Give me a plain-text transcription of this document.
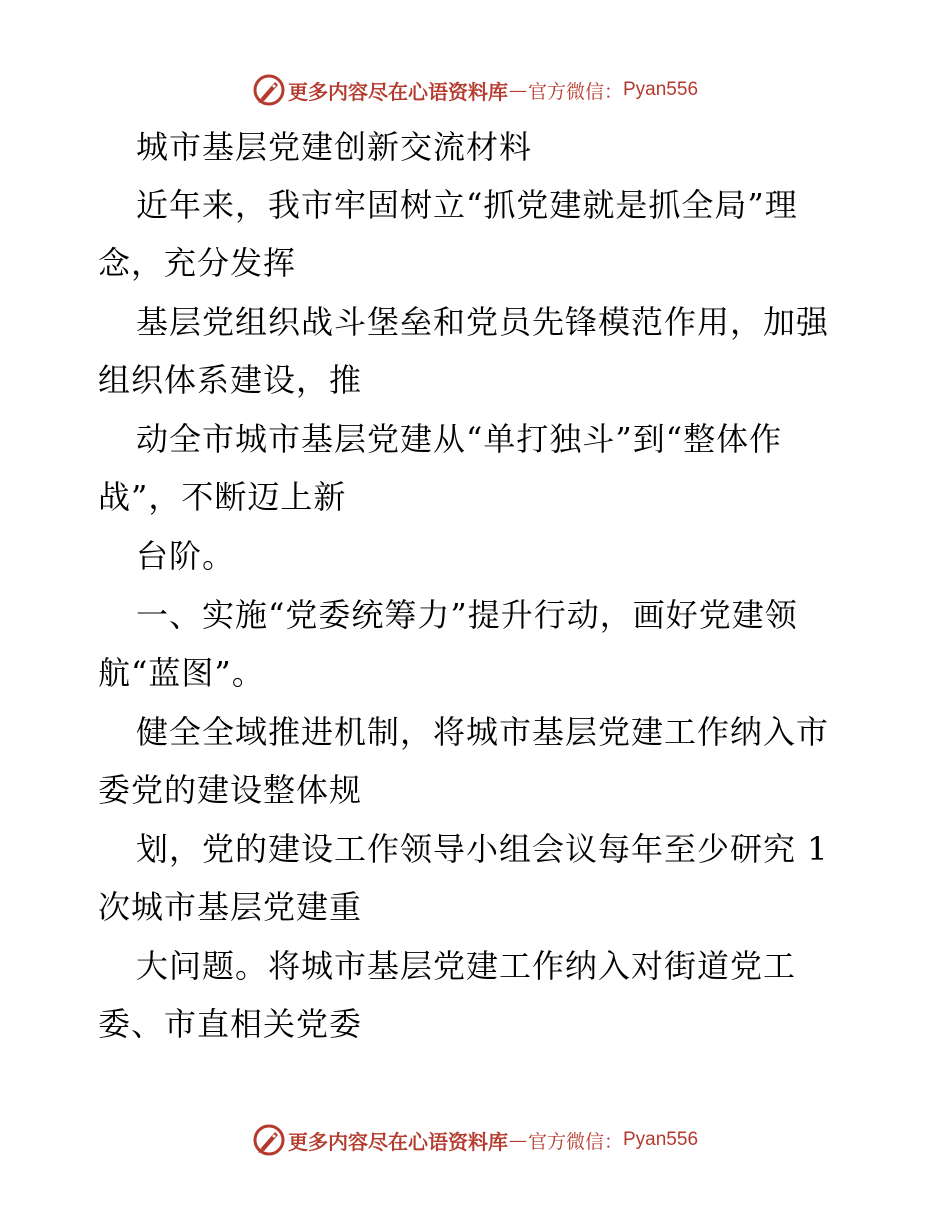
更多内容尽在心语资料库 — 官方微信： Pyan556
城市基层党建创新交流材料
近年来，我市牢固树立“抓党建就是抓全局”理
念，充分发挥
基层党组织战斗堡垒和党员先锋模范作用，加强
组织体系建设，推
动全市城市基层党建从“单打独斗”到“整体作
战”，不断迈上新
台阶。
一、实施“党委统筹力”提升行动，画好党建领
航“蓝图”。
健全全域推进机制，将城市基层党建工作纳入市
委党的建设整体规
划，党的建设工作领导小组会议每年至少研究 1
次城市基层党建重
大问题。将城市基层党建工作纳入对街道党工
委、市直相关党委
更多内容尽在心语资料库 — 官方微信： Pyan556
